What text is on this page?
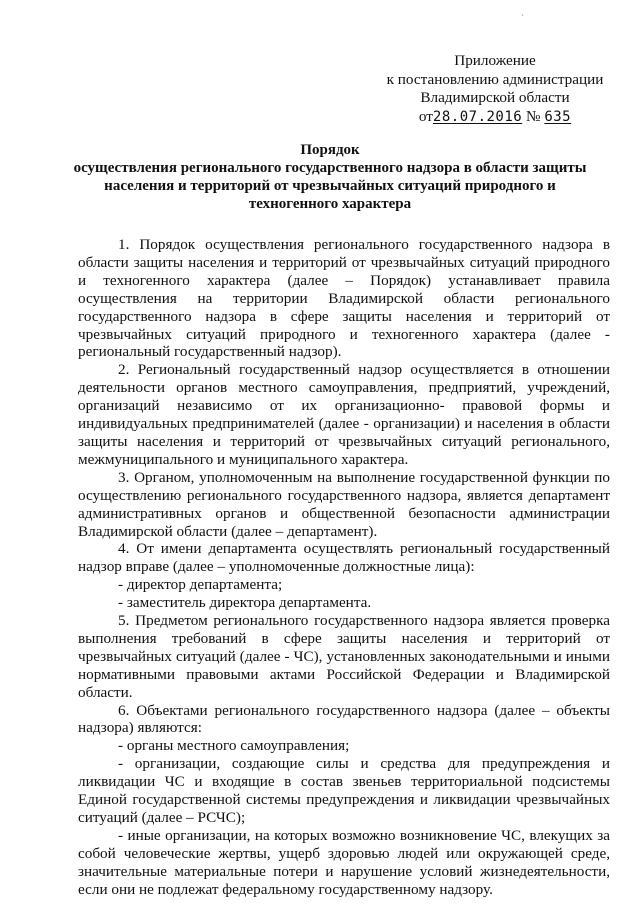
`
Приложение
к постановлению администрации
Владимирской области
от28.07.2016 № 635
Порядок
осуществления регионального государственного надзора в области защиты
населения и территорий от чрезвычайных ситуаций природного и
техногенного характера

1. Порядок осуществления регионального государственного надзора в области защиты населения и территорий от чрезвычайных ситуаций природного и техногенного характера (далее – Порядок) устанавливает правила осуществления на территории Владимирской области регионального государственного надзора в сфере защиты населения и территорий от чрезвычайных ситуаций природного и техногенного характера (далее - региональный государственный надзор).

2. Региональный государственный надзор осуществляется в отношении деятельности органов местного самоуправления, предприятий, учреждений, организаций независимо от их организационно- правовой формы и индивидуальных предпринимателей (далее - организации) и населения в области защиты населения и территорий от чрезвычайных ситуаций регионального, межмуниципального и муниципального характера.

3. Органом, уполномоченным на выполнение государственной функции по осуществлению регионального государственного надзора, является департамент административных органов и общественной безопасности администрации Владимирской области (далее – департамент).

4. От имени департамента осуществлять региональный государственный надзор вправе (далее – уполномоченные должностные лица):

- директор департамента;

- заместитель директора департамента.

5. Предметом регионального государственного надзора является проверка выполнения требований в сфере защиты населения и территорий от чрезвычайных ситуаций (далее - ЧС), установленных законодательными и иными нормативными правовыми актами Российской Федерации и Владимирской области.

6. Объектами регионального государственного надзора (далее – объекты надзора) являются:

- органы местного самоуправления;

- организации, создающие силы и средства для предупреждения и ликвидации ЧС и входящие в состав звеньев территориальной подсистемы Единой государственной системы предупреждения и ликвидации чрезвычайных ситуаций (далее – РСЧС);

- иные организации, на которых возможно возникновение ЧС, влекущих за собой человеческие жертвы, ущерб здоровью людей или окружающей среде, значительные материальные потери и нарушение условий жизнедеятельности, если они не подлежат федеральному государственному надзору.
